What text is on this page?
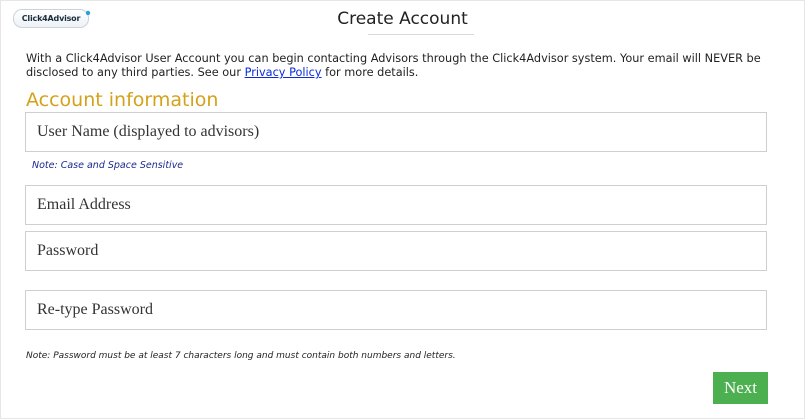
Click4Advisor	Create Account
With a Click4Advisor User Account you can begin contacting Advisors through the Click4Advisor system. Your email will NEVER be disclosed to any third parties. See our Privacy Policy for more details.
Account information
User Name (displayed to advisors)
Note: Case and Space Sensitive
Email Address
Note: Password must be at least 7 characters long and must contain both numbers and letters.
Next
